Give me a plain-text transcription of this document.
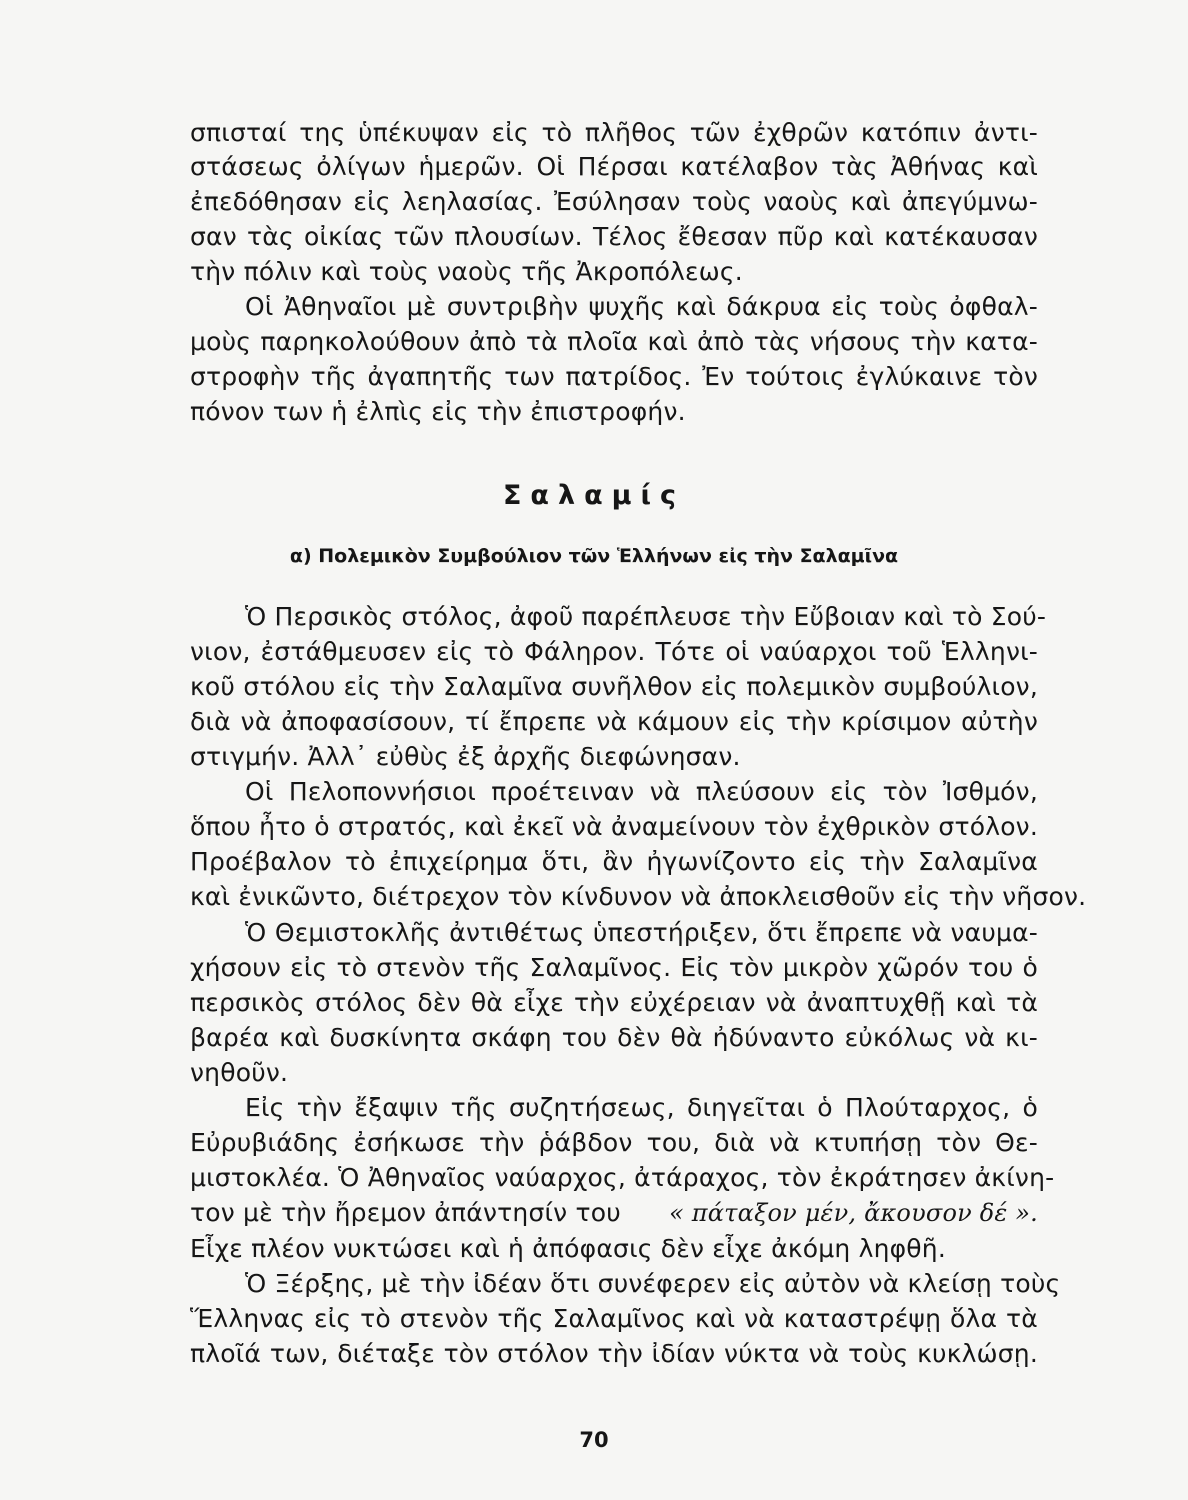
σπισταί της ὑπέκυψαν εἰς τὸ πλῆθος τῶν ἐχθρῶν κατόπιν ἀντι-
στάσεως ὀλίγων ἡμερῶν. Οἱ Πέρσαι κατέλαβον τὰς Ἀθήνας καὶ
ἐπεδόθησαν εἰς λεηλασίας. Ἐσύλησαν τοὺς ναοὺς καὶ ἀπεγύμνω-
σαν τὰς οἰκίας τῶν πλουσίων. Τέλος ἔθεσαν πῦρ καὶ κατέκαυσαν
τὴν πόλιν καὶ τοὺς ναοὺς τῆς Ἀκροπόλεως.
Οἱ Ἀθηναῖοι μὲ συντριβὴν ψυχῆς καὶ δάκρυα εἰς τοὺς ὀφθαλ-
μοὺς παρηκολούθουν ἀπὸ τὰ πλοῖα καὶ ἀπὸ τὰς νήσους τὴν κατα-
στροφὴν τῆς ἀγαπητῆς των πατρίδος. Ἐν τούτοις ἐγλύκαινε τὸν
πόνον των ἡ ἐλπὶς εἰς τὴν ἐπιστροφήν.
Σαλαμίς
α) Πολεμικὸν Συμβούλιον τῶν Ἑλλήνων εἰς τὴν Σαλαμῖνα
Ὁ Περσικὸς στόλος, ἀφοῦ παρέπλευσε τὴν Εὔβοιαν καὶ τὸ Σού-
νιον, ἐστάθμευσεν εἰς τὸ Φάληρον. Τότε οἱ ναύαρχοι τοῦ Ἑλληνι-
κοῦ στόλου εἰς τὴν Σαλαμῖνα συνῆλθον εἰς πολεμικὸν συμβούλιον,
διὰ νὰ ἀποφασίσουν, τί ἔπρεπε νὰ κάμουν εἰς τὴν κρίσιμον αὐτὴν
στιγμήν. Ἀλλ᾽ εὐθὺς ἐξ ἀρχῆς διεφώνησαν.
Οἱ Πελοποννήσιοι προέτειναν νὰ πλεύσουν εἰς τὸν Ἰσθμόν,
ὅπου ἦτο ὁ στρατός, καὶ ἐκεῖ νὰ ἀναμείνουν τὸν ἐχθρικὸν στόλον.
Προέβαλον τὸ ἐπιχείρημα ὅτι, ἂν ἠγωνίζοντο εἰς τὴν Σαλαμῖνα
καὶ ἐνικῶντο, διέτρεχον τὸν κίνδυνον νὰ ἀποκλεισθοῦν εἰς τὴν νῆσον.
Ὁ Θεμιστοκλῆς ἀντιθέτως ὑπεστήριξεν, ὅτι ἔπρεπε νὰ ναυμα-
χήσουν εἰς τὸ στενὸν τῆς Σαλαμῖνος. Εἰς τὸν μικρὸν χῶρόν του ὁ
περσικὸς στόλος δὲν θὰ εἶχε τὴν εὐχέρειαν νὰ ἀναπτυχθῇ καὶ τὰ
βαρέα καὶ δυσκίνητα σκάφη του δὲν θὰ ἠδύναντο εὐκόλως νὰ κι-
νηθοῦν.
Εἰς τὴν ἔξαψιν τῆς συζητήσεως, διηγεῖται ὁ Πλούταρχος, ὁ
Εὐρυβιάδης ἐσήκωσε τὴν ῥάβδον του, διὰ νὰ κτυπήσῃ τὸν Θε-
μιστοκλέα. Ὁ Ἀθηναῖος ναύαρχος, ἀτάραχος, τὸν ἐκράτησεν ἀκίνη-
τον μὲ τὴν ἤρεμον ἀπάντησίν του « πάταξον μέν, ἄκουσον δέ ».
Εἶχε πλέον νυκτώσει καὶ ἡ ἀπόφασις δὲν εἶχε ἀκόμη ληφθῆ.
Ὁ Ξέρξης, μὲ τὴν ἰδέαν ὅτι συνέφερεν εἰς αὐτὸν νὰ κλείσῃ τοὺς
Ἕλληνας εἰς τὸ στενὸν τῆς Σαλαμῖνος καὶ νὰ καταστρέψῃ ὅλα τὰ
πλοῖά των, διέταξε τὸν στόλον τὴν ἰδίαν νύκτα νὰ τοὺς κυκλώσῃ.
70
